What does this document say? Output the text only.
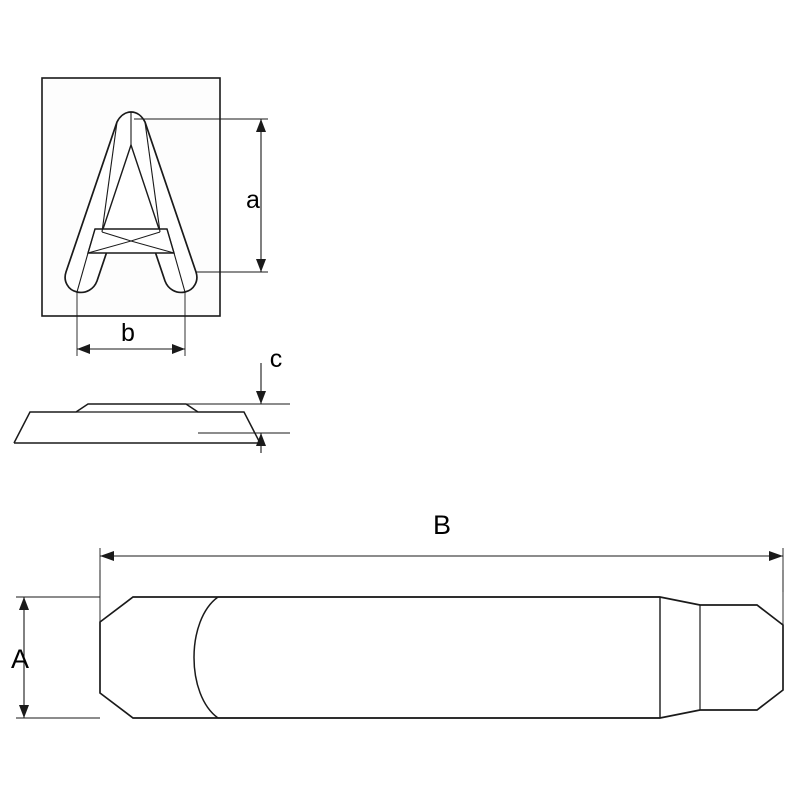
a
b
c
B
A
